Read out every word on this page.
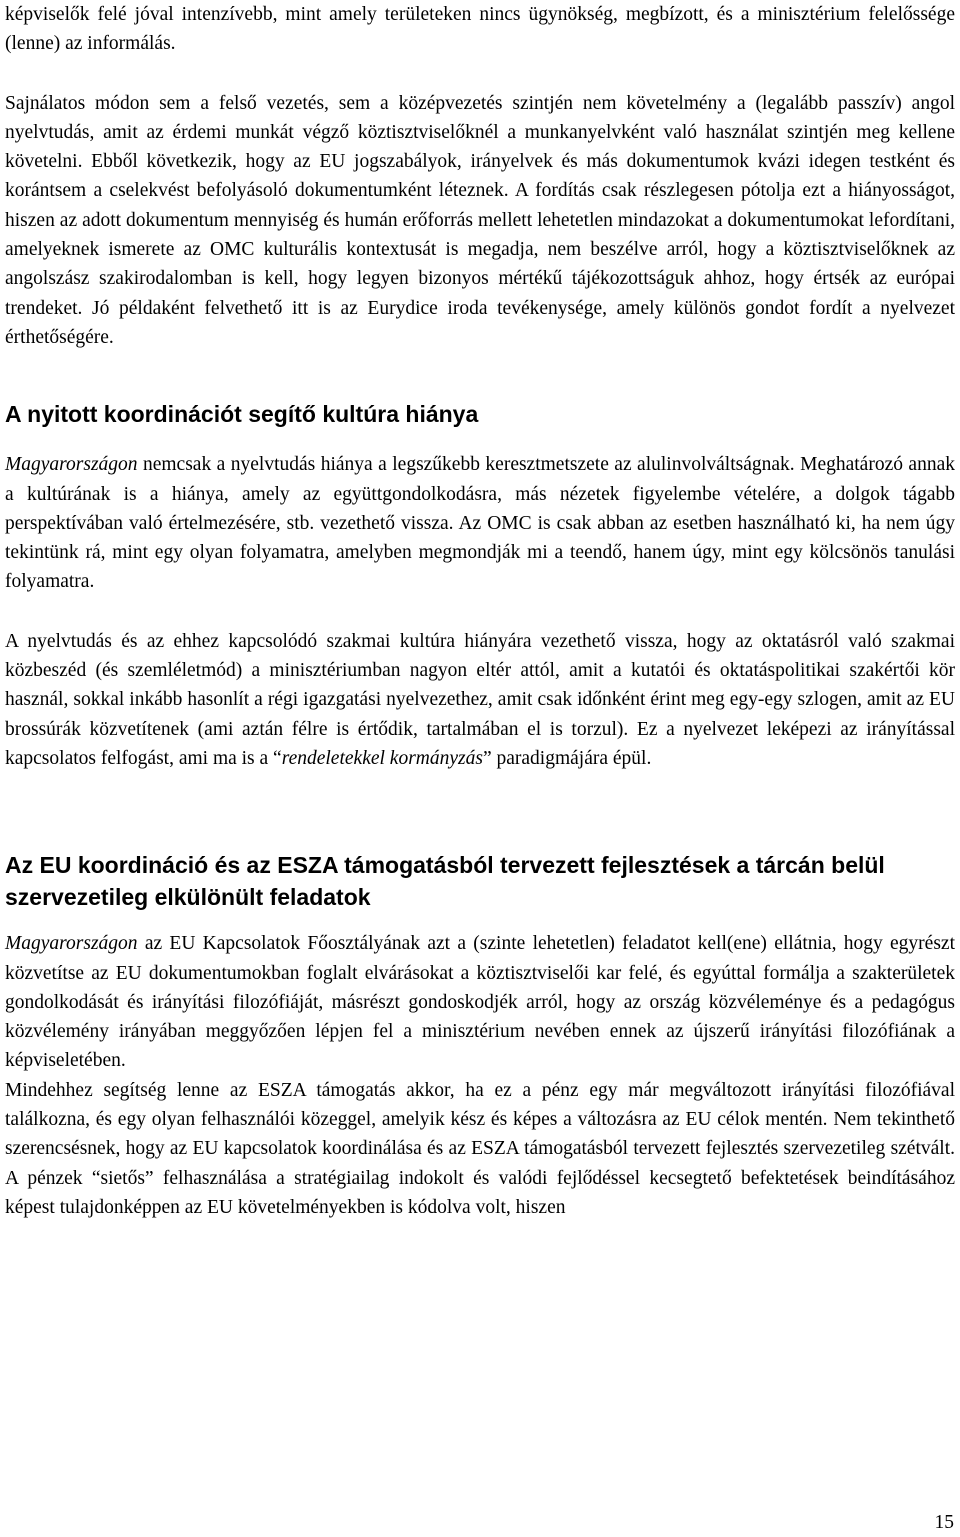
képviselők felé jóval intenzívebb, mint amely területeken nincs ügynökség, megbízott, és a minisztérium felelőssége (lenne) az informálás.

Sajnálatos módon sem a felső vezetés, sem a középvezetés szintjén nem követelmény a (legalább passzív) angol nyelvtudás, amit az érdemi munkát végző köztisztviselőknél a munkanyelvként való használat szintjén meg kellene követelni. Ebből következik, hogy az EU jogszabályok, irányelvek és más dokumentumok kvázi idegen testként és korántsem a cselekvést befolyásoló dokumentumként léteznek. A fordítás csak részlegesen pótolja ezt a hiányosságot, hiszen az adott dokumentum mennyiség és humán erőforrás mellett lehetetlen mindazokat a dokumentumokat lefordítani, amelyeknek ismerete az OMC kulturális kontextusát is megadja, nem beszélve arról, hogy a köztisztviselőknek az angolszász szakirodalomban is kell, hogy legyen bizonyos mértékű tájékozottságuk ahhoz, hogy értsék az európai trendeket. Jó példaként felvethető itt is az Eurydice iroda tevékenysége, amely különös gondot fordít a nyelvezet érthetőségére.

A nyitott koordinációt segítő kultúra hiánya

Magyarországon nemcsak a nyelvtudás hiánya a legszűkebb keresztmetszete az alulinvolváltságnak. Meghatározó annak a kultúrának is a hiánya, amely az együttgondolkodásra, más nézetek figyelembe vételére, a dolgok tágabb perspektívában való értelmezésére, stb. vezethető vissza. Az OMC is csak abban az esetben használható ki, ha nem úgy tekintünk rá, mint egy olyan folyamatra, amelyben megmondják mi a teendő, hanem úgy, mint egy kölcsönös tanulási folyamatra.

A nyelvtudás és az ehhez kapcsolódó szakmai kultúra hiányára vezethető vissza, hogy az oktatásról való szakmai közbeszéd (és szemléletmód) a minisztériumban nagyon eltér attól, amit a kutatói és oktatáspolitikai szakértői kör használ, sokkal inkább hasonlít a régi igazgatási nyelvezethez, amit csak időnként érint meg egy-egy szlogen, amit az EU brossúrák közvetítenek (ami aztán félre is értődik, tartalmában el is torzul). Ez a nyelvezet leképezi az irányítással kapcsolatos felfogást, ami ma is a “rendeletekkel kormányzás” paradigmájára épül.

Az EU koordináció és az ESZA támogatásból tervezett fejlesztések a tárcán belül szervezetileg elkülönült feladatok

Magyarországon az EU Kapcsolatok Főosztályának azt a (szinte lehetetlen) feladatot kell(ene) ellátnia, hogy egyrészt közvetítse az EU dokumentumokban foglalt elvárásokat a köztisztviselői kar felé, és egyúttal formálja a szakterületek gondolkodását és irányítási filozófiáját, másrészt gondoskodjék arról, hogy az ország közvéleménye és a pedagógus közvélemény irányában meggyőzően lépjen fel a minisztérium nevében ennek az újszerű irányítási filozófiának a képviseletében.

Mindehhez segítség lenne az ESZA támogatás akkor, ha ez a pénz egy már megváltozott irányítási filozófiával találkozna, és egy olyan felhasználói közeggel, amelyik kész és képes a változásra az EU célok mentén. Nem tekinthető szerencsésnek, hogy az EU kapcsolatok koordinálása és az ESZA támogatásból tervezett fejlesztés szervezetileg szétvált. A pénzek “sietős” felhasználása a stratégiailag indokolt és valódi fejlődéssel kecsegtető befektetések beindításához képest tulajdonképpen az EU követelményekben is kódolva volt, hiszen

15
